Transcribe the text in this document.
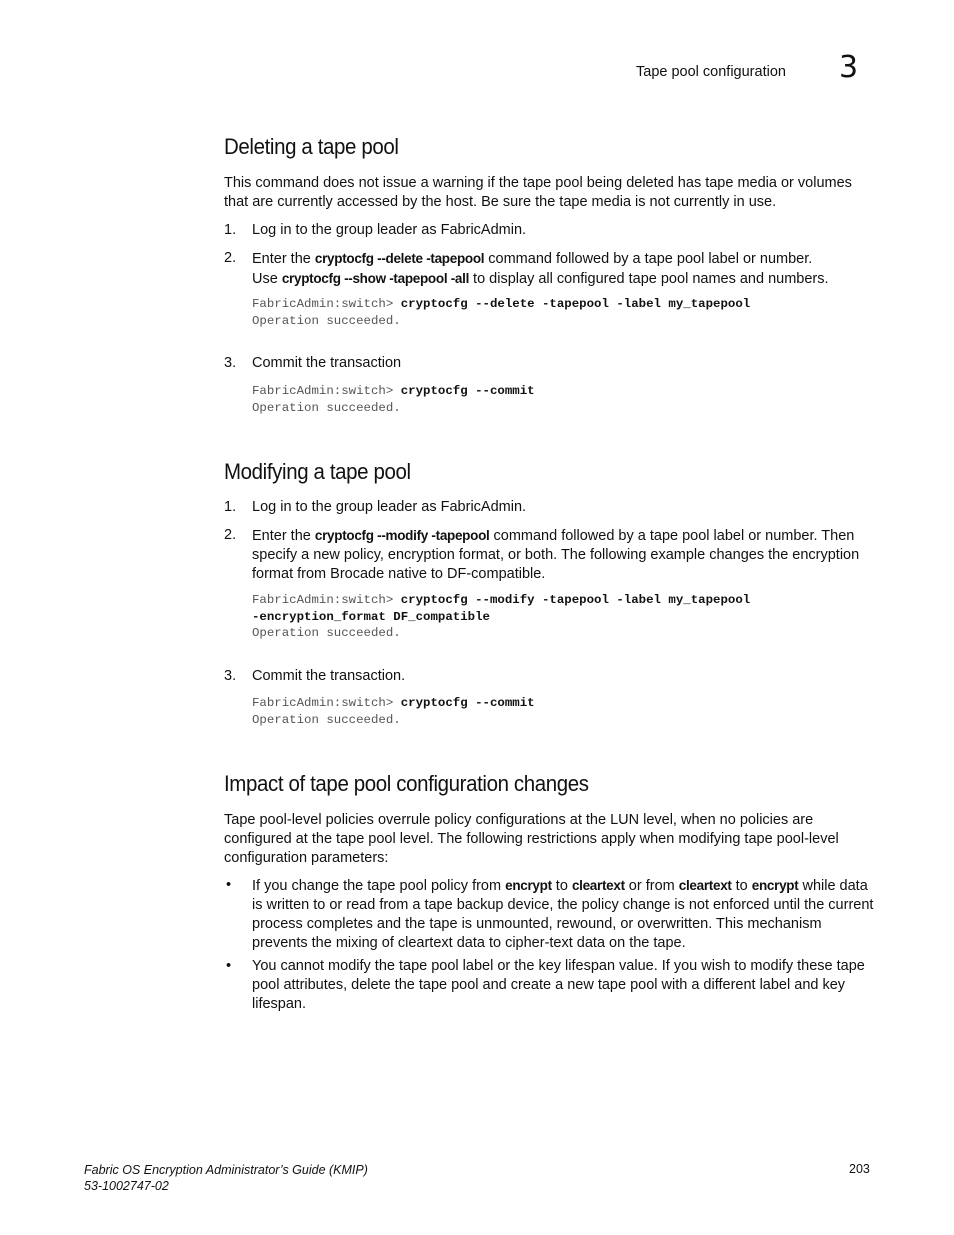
Tape pool configuration 3
Deleting a tape pool

This command does not issue a warning if the tape pool being deleted has tape media or volumes that are currently accessed by the host. Be sure the tape media is not currently in use.

1. Log in to the group leader as FabricAdmin.
2. Enter the cryptocfg --delete -tapepool command followed by a tape pool label or number.
Use cryptocfg --show -tapepool -all to display all configured tape pool names and numbers.
FabricAdmin:switch> cryptocfg --delete -tapepool -label my_tapepool
Operation succeeded.
3. Commit the transaction
FabricAdmin:switch> cryptocfg --commit
Operation succeeded.
Modifying a tape pool
1. Log in to the group leader as FabricAdmin.
2. Enter the cryptocfg --modify -tapepool command followed by a tape pool label or number. Then specify a new policy, encryption format, or both. The following example changes the encryption format from Brocade native to DF-compatible.
FabricAdmin:switch> cryptocfg --modify -tapepool -label my_tapepool
-encryption_format DF_compatible
Operation succeeded.
3. Commit the transaction.
FabricAdmin:switch> cryptocfg --commit
Operation succeeded.
Impact of tape pool configuration changes

Tape pool-level policies overrule policy configurations at the LUN level, when no policies are configured at the tape pool level. The following restrictions apply when modifying tape pool-level configuration parameters:

• If you change the tape pool policy from encrypt to cleartext or from cleartext to encrypt while data is written to or read from a tape backup device, the policy change is not enforced until the current process completes and the tape is unmounted, rewound, or overwritten. This mechanism prevents the mixing of cleartext data to cipher-text data on the tape.
• You cannot modify the tape pool label or the key lifespan value. If you wish to modify these tape pool attributes, delete the tape pool and create a new tape pool with a different label and key lifespan.
Fabric OS Encryption Administrator’s Guide (KMIP)
53-1002747-02
203
